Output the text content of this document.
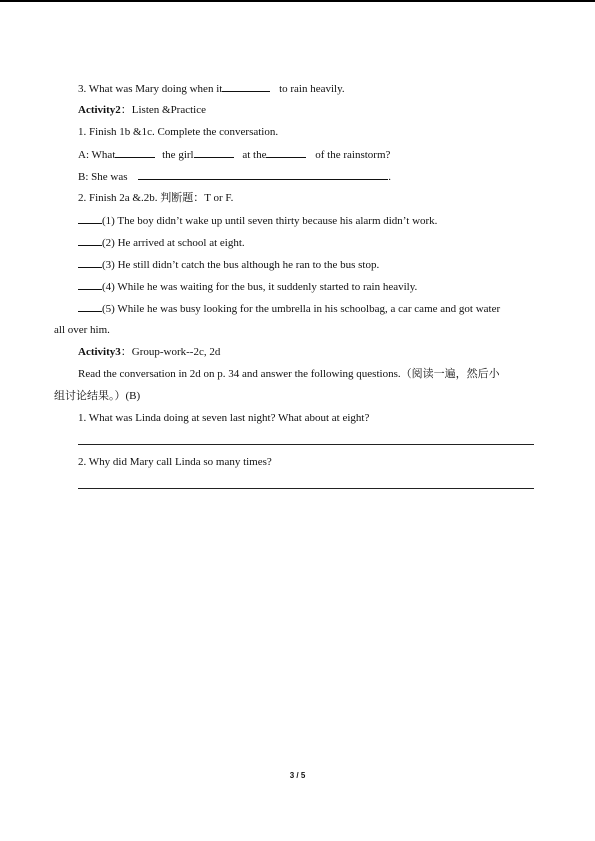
3. What was Mary doing when it	to rain heavily.
Activity2：Listen &Practice
1. Finish 1b &1c. Complete the conversation.
A: What	the girl	at the	of the rainstorm?
B: She was	.
2. Finish 2a &.2b. 判断题：T or F.
(1) The boy didn’t wake up until seven thirty because his alarm didn’t work.
(2) He arrived at school at eight.
(3) He still didn’t catch the bus although he ran to the bus stop.
(4) While he was waiting for the bus, it suddenly started to rain heavily.
(5) While he was busy looking for the umbrella in his schoolbag, a car came and got water
all over him.
Activity3：Group-work--2c, 2d
Read the conversation in 2d on p. 34 and answer the following questions.（阅读一遍，然后小
组讨论结果。）(B)
1. What was Linda doing at seven last night? What about at eight?
2. Why did Mary call Linda so many times?
3 / 5
